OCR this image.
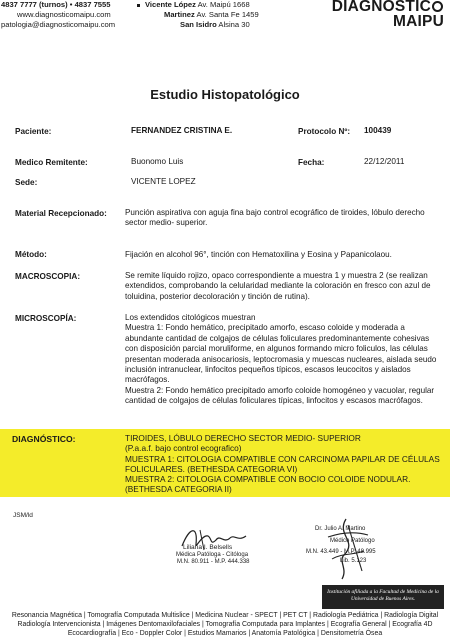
4837 7777 (turnos) • 4837 7555
www.diagnosticomaipu.com
patologia@diagnosticomaipu.com
Vicente López Av. Maipú 1668
Martinez Av. Santa Fe 1459
San Isidro Alsina 30
DIAGNOSTIC
MAIPU
Estudio Histopatológico
Paciente:	FERNANDEZ CRISTINA E.	Protocolo Nº: 100439
Medico Remitente:	Buonomo Luis	Fecha:	22/12/2011
Sede:	VICENTE LOPEZ
Material Recepcionado: Punción aspirativa con aguja fina bajo control ecográfico de tiroides, lóbulo derecho sector medio- superior.
Método:	Fijación en alcohol 96°, tinción con Hematoxilina y Eosina y Papanicolaou.
MACROSCOPIA:	Se remite líquido rojizo, opaco correspondiente a muestra 1 y muestra 2 (se realizan extendidos, comprobando la celularidad mediante la coloración en fresco con azul de toluidina, posterior decoloración y tinción de rutina).
MICROSCOPÍA:	Los extendidos citológicos muestran
Muestra 1: Fondo hemático, precipitado amorfo, escaso coloide y moderada a abundante cantidad de colgajos de células foliculares predominantemente cohesivas con disposición parcial moruliforme, en algunos formando micro foliculos, las células presentan moderada anisocariosis, leptocromasia y muescas nucleares, aislada seudo inclusión intranuclear, linfocitos pequeños típicos, escasos leucocitos y aislados macrófagos.
Muestra 2: Fondo hemático precipitado amorfo coloide homogéneo y vacuolar, regular cantidad de colgajos de células foliculares típicas, linfocitos y escasos macrófagos.
DIAGNÓSTICO:	TIROIDES, LÓBULO DERECHO SECTOR MEDIO- SUPERIOR
(P.a.a.f. bajo control ecografico)
MUESTRA 1: CITOLOGIA COMPATIBLE CON CARCINOMA PAPILAR DE CÉLULAS FOLICULARES. (BETHESDA CATEGORIA VI)
MUESTRA 2: CITOLOGIA COMPATIBLE CON BOCIO COLOIDE NODULAR. (BETHESDA CATEGORIA II)
JSM/ld
Liliana I. Belsells
Médica Patóloga - Citóloga
M.N. 80.911 - M.P. 444.338
Dr. Julio A. Martino
Médico Patólogo
M.N. 43.449 - M.P. 48.995
Lib. 5.123
Institución afiliada a la Facultad de Medicina de la Universidad de Buenos Aires.
Resonancia Magnética | Tomografía Computada Multislice | Medicina Nuclear - SPECT | PET CT | Radiología Pediátrica | Radiología Digital
Radiología Intervencionista | Imágenes Dentomaxilofaciales | Tomografía Computada para Implantes | Ecografía General | Ecografía 4D
Ecocardiografía | Eco - Doppler Color | Estudios Mamarios | Anatomía Patológica | Densitometría Ósea
